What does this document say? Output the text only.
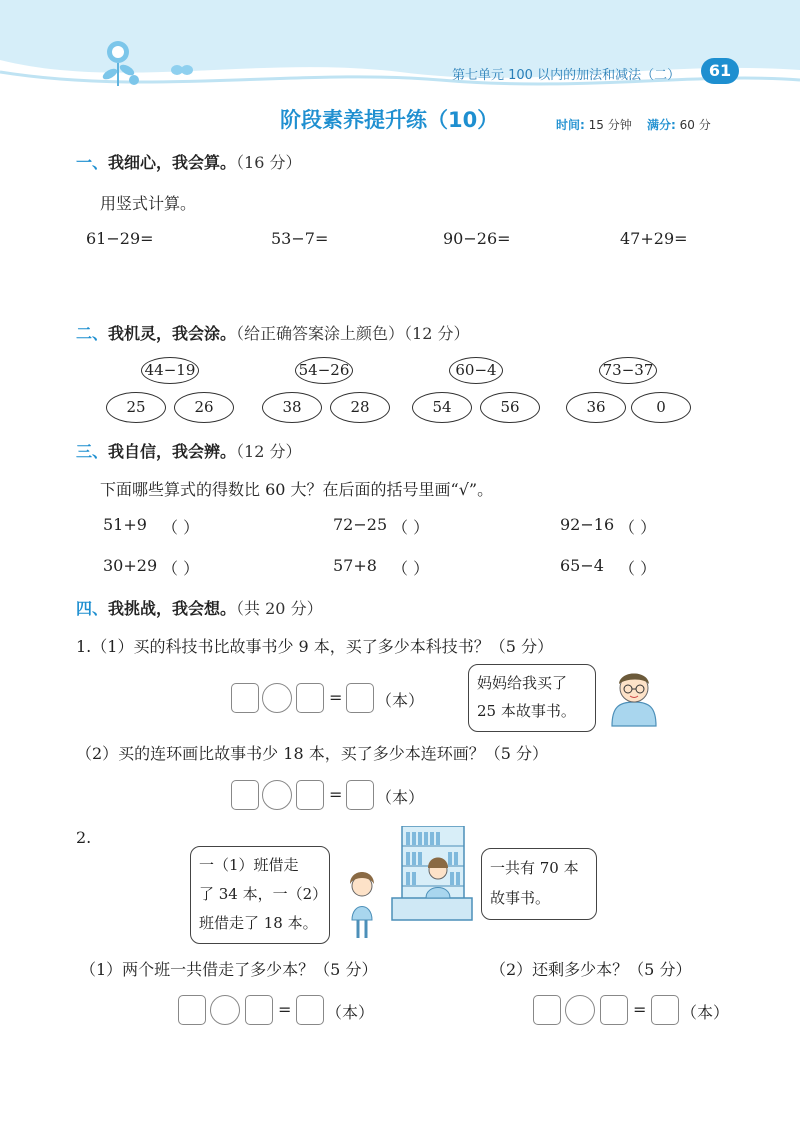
第七单元 100 以内的加法和减法（二）	61
阶段素养提升练（10）	时间: 15 分钟 满分: 60 分
一、我细心，我会算。（16 分）
用竖式计算。
61−29=	53−7=	90−26=	47+29=
二、我机灵，我会涂。（给正确答案涂上颜色）（12 分）
44−19
25	26
54−26
38	28
60−4
54	56
73−37
36	0
三、我自信，我会辨。（12 分）
下面哪些算式的得数比 60 大？在后面的括号里画“√”。
51+9 （ ）	72−25 （ ）	92−16 （ ）
30+29 （ ）	57+8 （ ）	65−4 （ ）
四、我挑战，我会想。（共 20 分）
1.（1）买的科技书比故事书少 9 本，买了多少本科技书？（5 分）
= （本）
妈妈给我买了
25 本故事书。
（2）买的连环画比故事书少 18 本，买了多少本连环画？（5 分）
= （本）
2.
一（1）班借走
了 34 本，一（2）
班借走了 18 本。
一共有 70 本
故事书。
（1）两个班一共借走了多少本？（5 分）	（2）还剩多少本？（5 分）
= （本）	= （本）
